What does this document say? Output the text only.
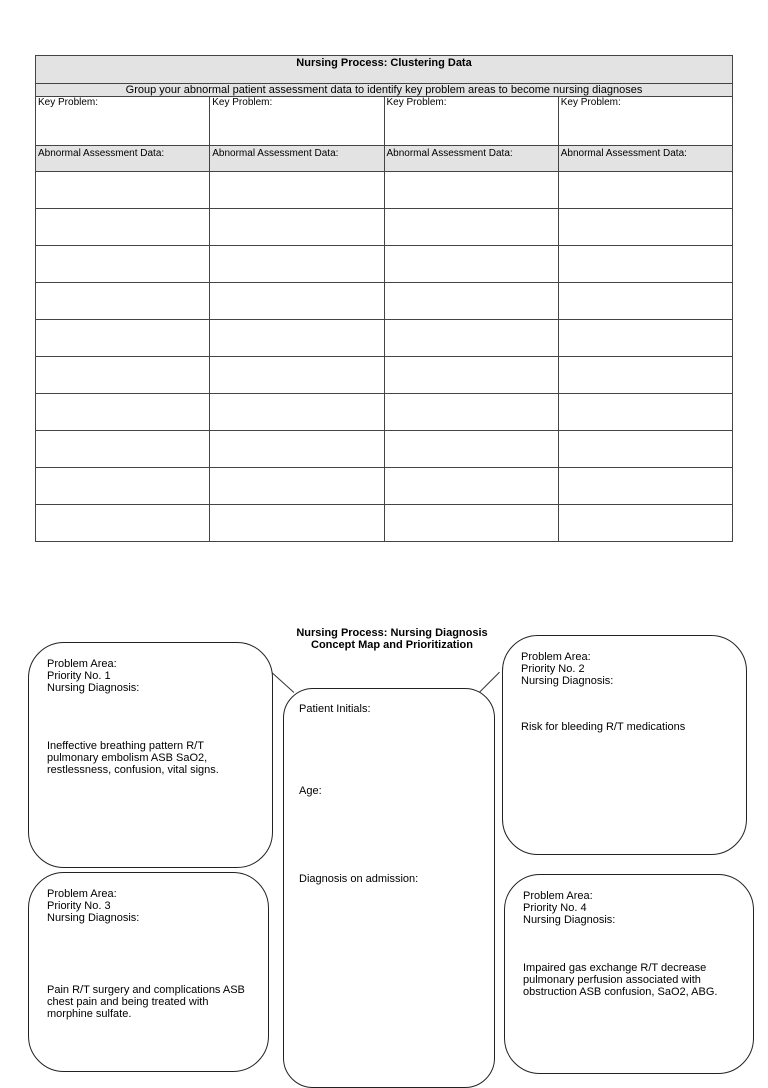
Nursing Process: Clustering Data			
Group your abnormal patient assessment data to identify key problem areas to become nursing diagnoses			
Key Problem:	Key Problem:	Key Problem:	Key Problem:
Abnormal Assessment Data:	Abnormal Assessment Data:	Abnormal Assessment Data:	Abnormal Assessment Data:

Nursing Process: Nursing Diagnosis
Concept Map and Prioritization
Problem Area:
Priority No. 1
Nursing Diagnosis:
Ineffective breathing pattern R/T pulmonary embolism ASB SaO2, restlessness, confusion, vital signs.
Problem Area:
Priority No. 2
Nursing Diagnosis:
Risk for bleeding R/T medications
Patient Initials:
Age:
Diagnosis on admission:
Problem Area:
Priority No. 3
Nursing Diagnosis:
Pain R/T surgery and complications ASB chest pain and being treated with morphine sulfate.
Problem Area:
Priority No. 4
Nursing Diagnosis:
Impaired gas exchange R/T decrease pulmonary perfusion associated with obstruction ASB confusion, SaO2, ABG.
